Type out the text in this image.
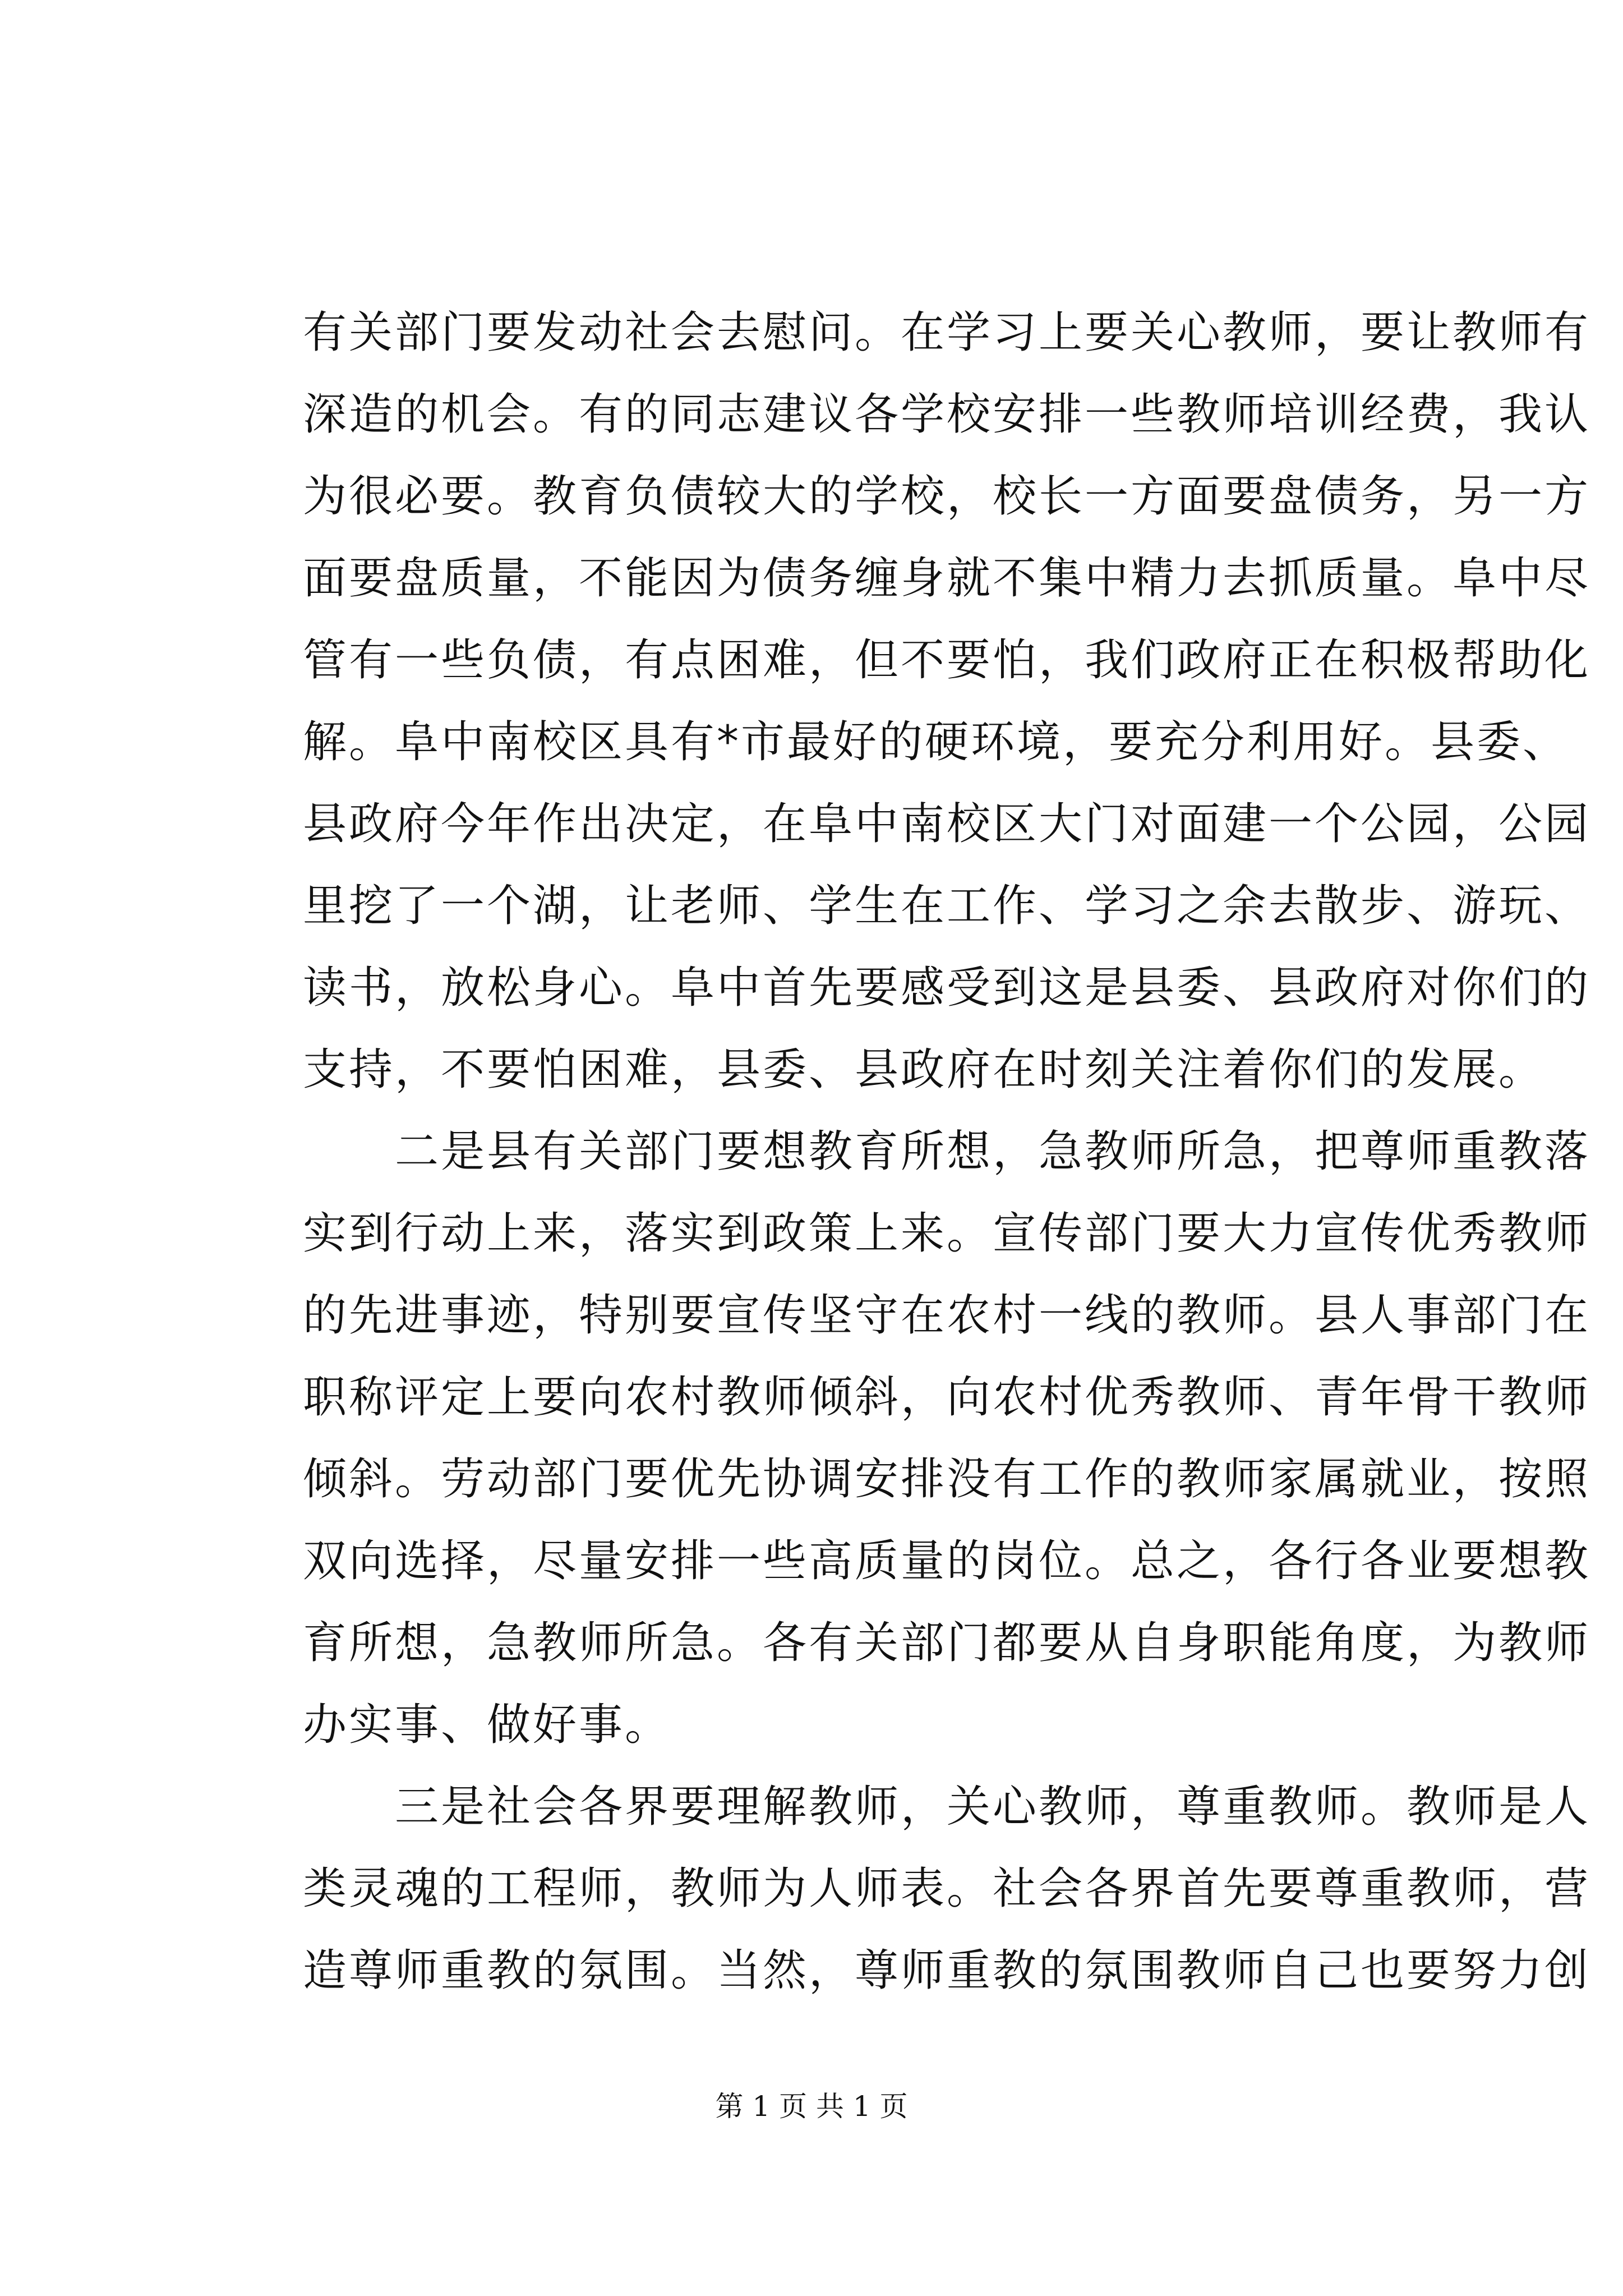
有关部门要发动社会去慰问。在学习上要关心教师，要让教师有
深造的机会。有的同志建议各学校安排一些教师培训经费，我认
为很必要。教育负债较大的学校，校长一方面要盘债务，另一方
面要盘质量，不能因为债务缠身就不集中精力去抓质量。阜中尽
管有一些负债，有点困难，但不要怕，我们政府正在积极帮助化
解。阜中南校区具有*市最好的硬环境，要充分利用好。县委、
县政府今年作出决定，在阜中南校区大门对面建一个公园，公园
里挖了一个湖，让老师、学生在工作、学习之余去散步、游玩、
读书，放松身心。阜中首先要感受到这是县委、县政府对你们的
支持，不要怕困难，县委、县政府在时刻关注着你们的发展。
　　二是县有关部门要想教育所想，急教师所急，把尊师重教落
实到行动上来，落实到政策上来。宣传部门要大力宣传优秀教师
的先进事迹，特别要宣传坚守在农村一线的教师。县人事部门在
职称评定上要向农村教师倾斜，向农村优秀教师、青年骨干教师
倾斜。劳动部门要优先协调安排没有工作的教师家属就业，按照
双向选择，尽量安排一些高质量的岗位。总之，各行各业要想教
育所想，急教师所急。各有关部门都要从自身职能角度，为教师
办实事、做好事。
　　三是社会各界要理解教师，关心教师，尊重教师。教师是人
类灵魂的工程师，教师为人师表。社会各界首先要尊重教师，营
造尊师重教的氛围。当然，尊师重教的氛围教师自己也要努力创
第 1 页 共 1 页
